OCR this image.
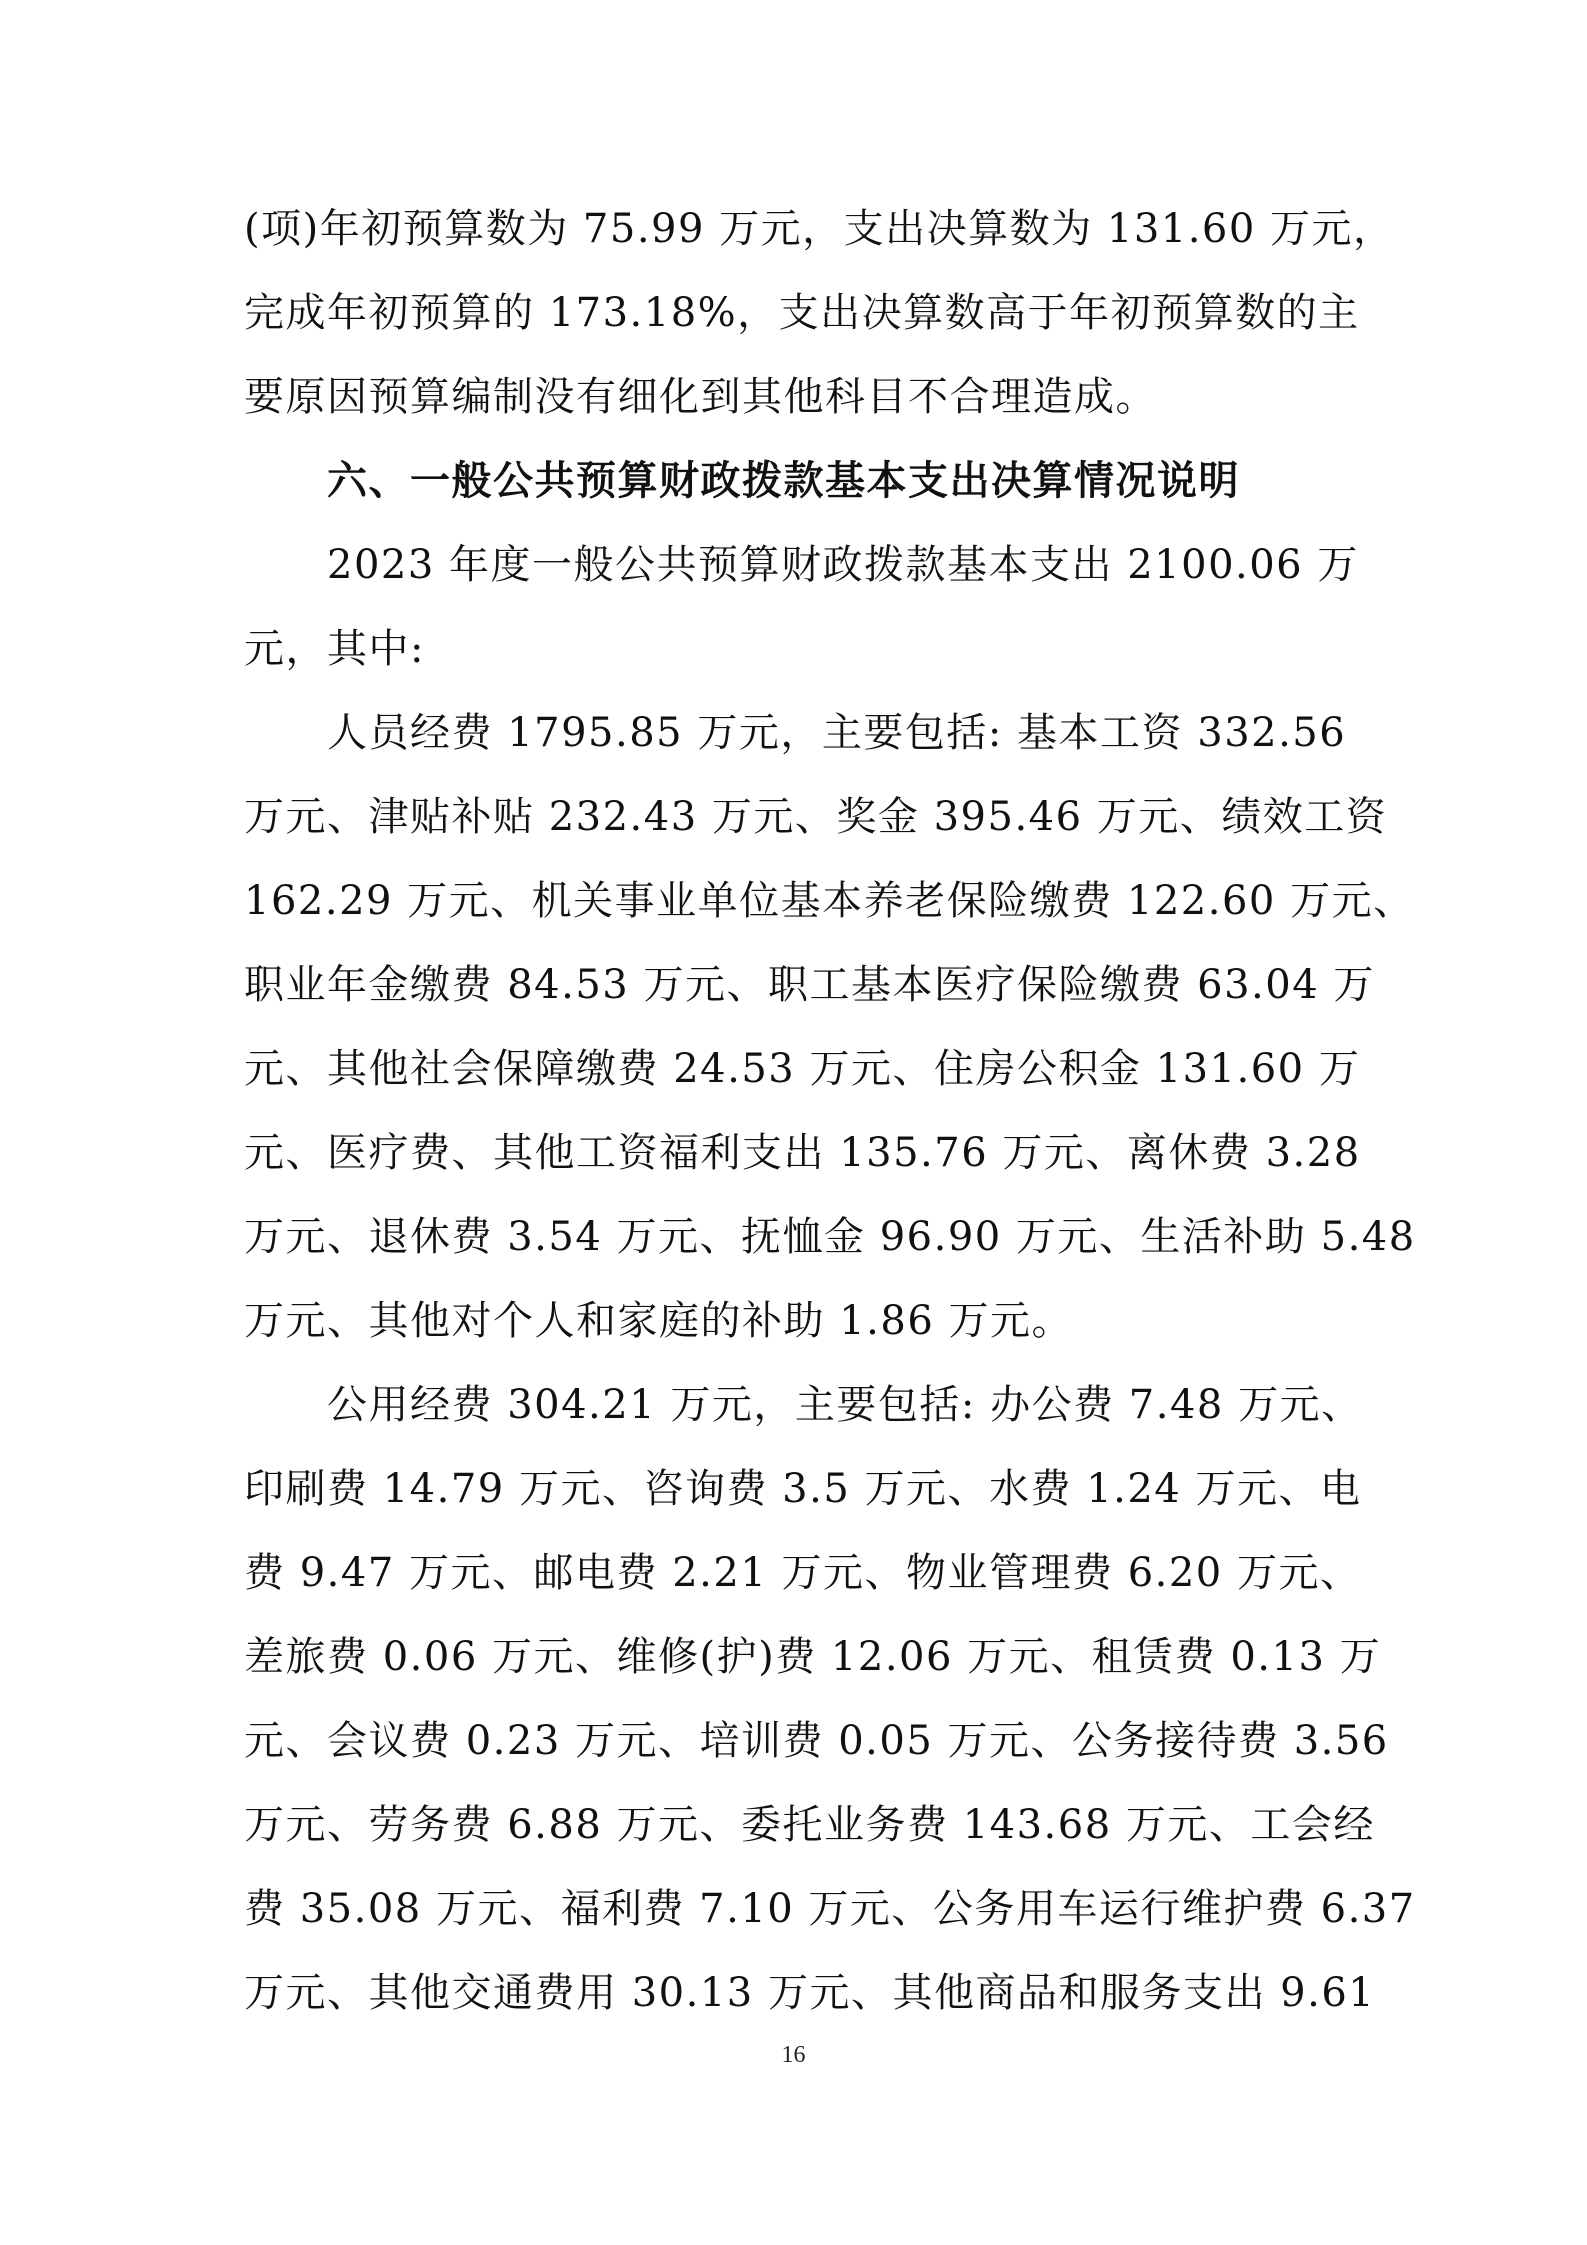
(项)年初预算数为 75.99 万元，支出决算数为 131.60 万元，
完成年初预算的 173.18%，支出决算数高于年初预算数的主
要原因预算编制没有细化到其他科目不合理造成。
六、一般公共预算财政拨款基本支出决算情况说明
2023 年度一般公共预算财政拨款基本支出 2100.06 万
元，其中:
人员经费 1795.85 万元，主要包括: 基本工资 332.56
万元、津贴补贴 232.43 万元、奖金 395.46 万元、绩效工资
162.29 万元、机关事业单位基本养老保险缴费 122.60 万元、
职业年金缴费 84.53 万元、职工基本医疗保险缴费 63.04 万
元、其他社会保障缴费 24.53 万元、住房公积金 131.60 万
元、医疗费、其他工资福利支出 135.76 万元、离休费 3.28
万元、退休费 3.54 万元、抚恤金 96.90 万元、生活补助 5.48
万元、其他对个人和家庭的补助 1.86 万元。
公用经费 304.21 万元，主要包括: 办公费 7.48 万元、
印刷费 14.79 万元、咨询费 3.5 万元、水费 1.24 万元、电
费 9.47 万元、邮电费 2.21 万元、物业管理费 6.20 万元、
差旅费 0.06 万元、维修(护)费 12.06 万元、租赁费 0.13 万
元、会议费 0.23 万元、培训费 0.05 万元、公务接待费 3.56
万元、劳务费 6.88 万元、委托业务费 143.68 万元、工会经
费 35.08 万元、福利费 7.10 万元、公务用车运行维护费 6.37
万元、其他交通费用 30.13 万元、其他商品和服务支出 9.61
16
